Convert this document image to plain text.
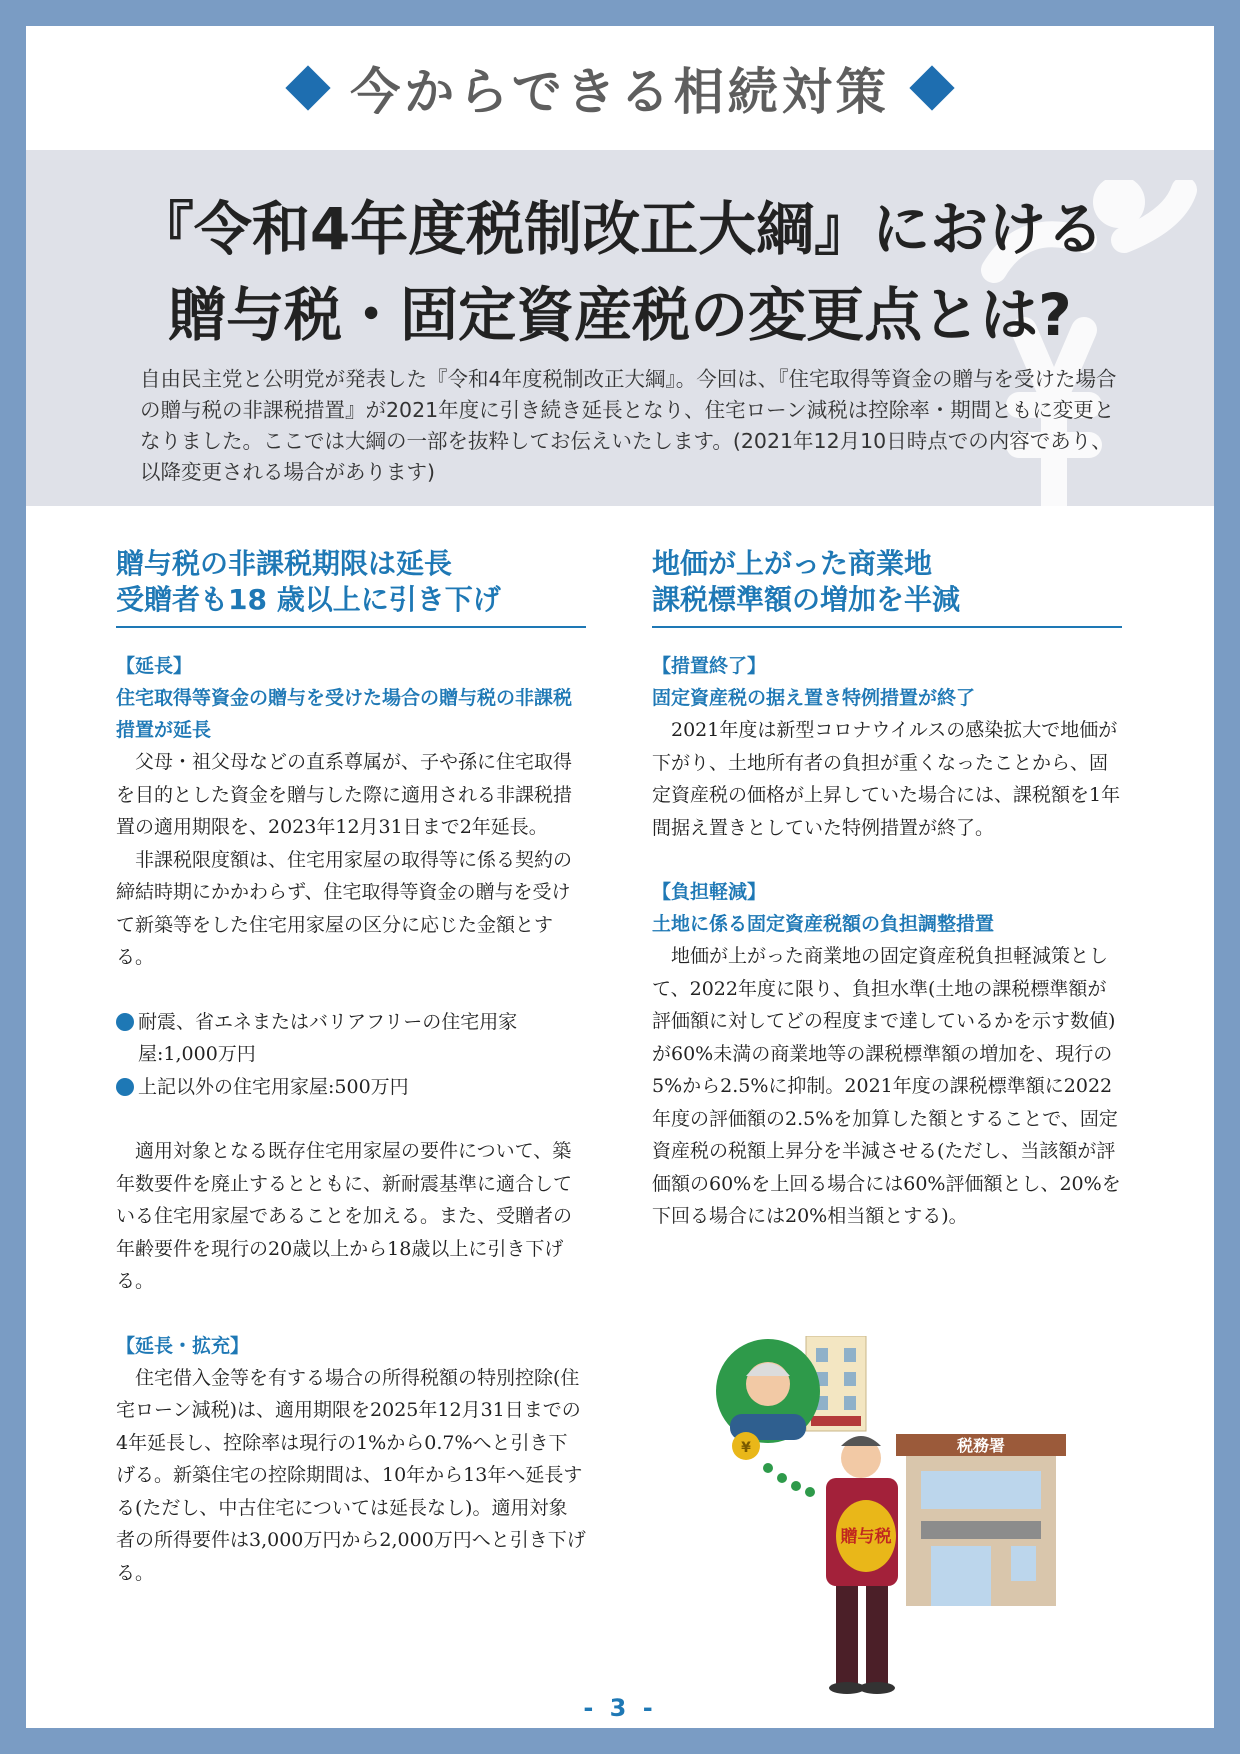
今からできる相続対策
『令和4年度税制改正大綱』における
贈与税・固定資産税の変更点とは?

自由民主党と公明党が発表した『令和4年度税制改正大綱』。今回は、『住宅取得等資金の贈与を受けた場合の贈与税の非課税措置』が2021年度に引き続き延長となり、住宅ローン減税は控除率・期間ともに変更となりました。ここでは大綱の一部を抜粋してお伝えいたします。(2021年12月10日時点での内容であり、以降変更される場合があります)

贈与税の非課税期限は延長
受贈者も18 歳以上に引き下げ
【延長】
住宅取得等資金の贈与を受けた場合の贈与税の非課税措置が延長

父母・祖父母などの直系尊属が、子や孫に住宅取得を目的とした資金を贈与した際に適用される非課税措置の適用期限を、2023年12月31日まで2年延長。

非課税限度額は、住宅用家屋の取得等に係る契約の締結時期にかかわらず、住宅取得等資金の贈与を受けて新築等をした住宅用家屋の区分に応じた金額とする。

耐震、省エネまたはバリアフリーの住宅用家屋:1,000万円
上記以外の住宅用家屋:500万円

適用対象となる既存住宅用家屋の要件について、築年数要件を廃止するとともに、新耐震基準に適合している住宅用家屋であることを加える。また、受贈者の年齢要件を現行の20歳以上から18歳以上に引き下げる。

【延長・拡充】

住宅借入金等を有する場合の所得税額の特別控除(住宅ローン減税)は、適用期限を2025年12月31日までの4年延長し、控除率は現行の1%から0.7%へと引き下げる。新築住宅の控除期間は、10年から13年へ延長する(ただし、中古住宅については延長なし)。適用対象者の所得要件は3,000万円から2,000万円へと引き下げる。

地価が上がった商業地
課税標準額の増加を半減
【措置終了】
固定資産税の据え置き特例措置が終了

2021年度は新型コロナウイルスの感染拡大で地価が下がり、土地所有者の負担が重くなったことから、固定資産税の価格が上昇していた場合には、課税額を1年間据え置きとしていた特例措置が終了。

【負担軽減】
土地に係る固定資産税額の負担調整措置

地価が上がった商業地の固定資産税負担軽減策として、2022年度に限り、負担水準(土地の課税標準額が評価額に対してどの程度まで達しているかを示す数値)が60%未満の商業地等の課税標準額の増加を、現行の5%から2.5%に抑制。2021年度の課税標準額に2022年度の評価額の2.5%を加算した額とすることで、固定資産税の税額上昇分を半減させる(ただし、当該額が評価額の60%を上回る場合には60%評価額とし、20%を下回る場合には20%相当額とする)。

税務署
¥
贈与税
- 3 -
